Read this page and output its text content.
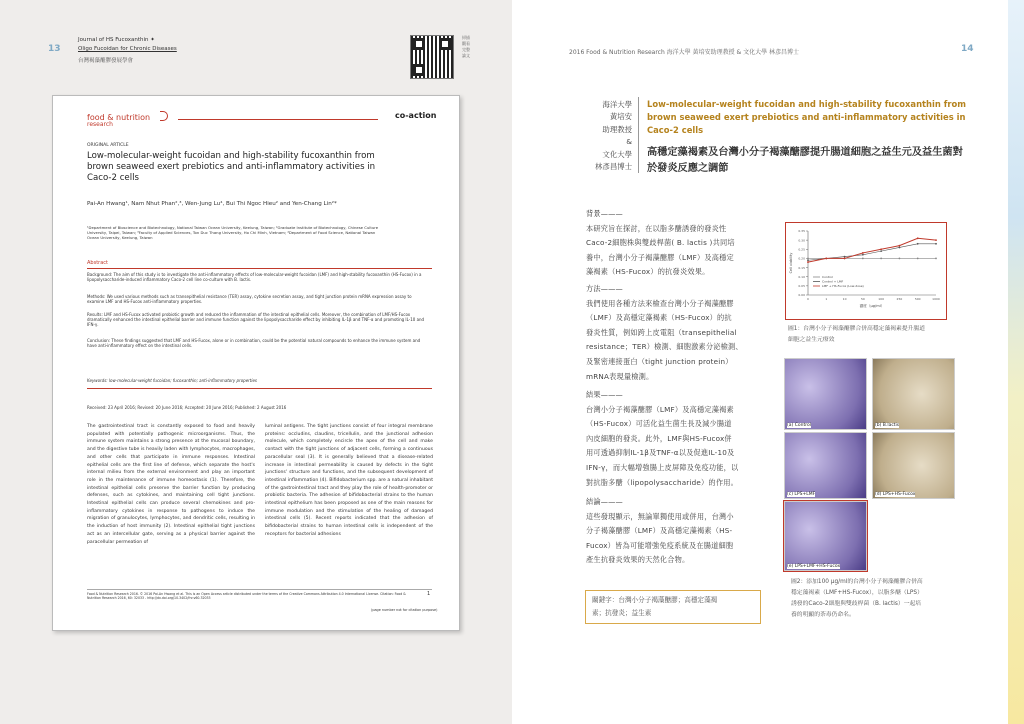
Journal of HS Fucoxanthin ✦
Oligo Fucoidan for Chronic Diseases
台灣褐藻醣膠發展學會
13
掃描觀看完整論文
food & nutrition
research
co-action
ORIGINAL ARTICLE
Low-molecular-weight fucoidan and high-stability fucoxanthin from brown seaweed exert prebiotics and anti-inflammatory activities in Caco-2 cells
Pai-An Hwang¹, Nam Nhut Phan²,³, Wen-Jung Lu⁴, Bui Thi Ngoc Hieu² and Yen-Chang Lin²*
¹Department of Bioscience and Biotechnology, National Taiwan Ocean University, Keelung, Taiwan; ²Graduate Institute of Biotechnology, Chinese Culture University, Taipei, Taiwan; ³Faculty of Applied Sciences, Ton Duc Thang University, Ho Chi Minh, Vietnam; ⁴Department of Food Science, National Taiwan Ocean University, Keelung, Taiwan
Abstract
Background: The aim of this study is to investigate the anti-inflammatory effects of low-molecular-weight fucoidan (LMF) and high-stability fucoxanthin (HS-Fucox) in a lipopolysaccharide-induced inflammatory Caco-2 cell line co-culture with B. lactis.
Methods: We used various methods such as transepithelial resistance (TER) assay, cytokine secretion assay, and tight junction protein mRNA expression assay to examine LMF and HS-Fucox anti-inflammatory properties.
Results: LMF and HS-Fucox activated probiotic growth and reduced the inflammation of the intestinal epithelial cells. Moreover, the combination of LMF/HS-Fucox dramatically enhanced the intestinal epithelial barrier and immune function against the lipopolysaccharide effect by inhibiting IL-1β and TNF-α and promoting IL-10 and IFN-γ.
Conclusion: These findings suggested that LMF and HS-Fucox, alone or in combination, could be the potential natural compounds to enhance the immune system and have anti-inflammatory effect on the intestinal cells.
Keywords: low-molecular-weight fucoidan; fucoxanthin; anti-inflammatory properties
Received: 23 April 2016; Revised: 20 June 2016; Accepted: 20 June 2016; Published: 2 August 2016
The gastrointestinal tract is constantly exposed to food and heavily populated with potentially pathogenic microorganisms. Thus, the immune system maintains a strong presence at the mucosal boundary, and the digestive tube is heavily laden with lymphocytes, macrophages, and other cells that participate in immune responses. Intestinal epithelial cells are the first line of defense, which separate the host's internal milieu from the external environment and play an important role in the maintenance of immune homeostasis (1). Therefore, the intestinal epithelial cells preserve the barrier function by producing defenses, such as cytokines, and maintaining cell tight junctions. Intestinal epithelial cells can produce several chemokines and pro-inflammatory cytokines in response to pathogens to induce the migration of granulocytes, lymphocytes, and dendritic cells, resulting in the induction of host immunity (2). Intestinal epithelial tight junctions act as an intercellular gate, serving as a physical barrier against the paracellular permeation of
luminal antigens. The tight junctions consist of four integral membrane proteins: occludins, claudins, tricellulin, and the junctional adhesion molecule, which completely encircle the apex of the cell and make contact with the tight junctions of adjacent cells, forming a continuous paracellular seal (3). It is generally believed that a disease-related increase in intestinal permeability is caused by defects in the tight junctions' structure and functions, and the subsequent development of intestinal inflammation (4). Bifidobacterium spp. are a natural inhabitant of the gastrointestinal tract and they play the role of health-promoter or probiotic bacteria. The adhesion of bifidobacterial strains to the human intestinal epithelium has been proposed as one of the main reasons for immune modulation and the stimulation of the healing of damaged intestinal cells (5). Recent reports indicated that the adhesion of bifidobacterial strains to human intestinal cells is independent of the receptors for bacterial adhesions
Food & Nutrition Research 2016. © 2016 Pai-An Hwang et al. This is an Open Access article distributed under the terms of the Creative Commons Attribution 4.0 International License. Citation: Food & Nutrition Research 2016, 60: 32033 - http://dx.doi.org/10.3402/fnr.v60.32033
1
(page number not for citation purpose)
2016 Food & Nutrition Research 海洋大學 黃培安助理教授 & 文化大學 林彥昌博士	14
海洋大學
黃培安
助理教授
&
文化大學
林彥昌博士
Low-molecular-weight fucoidan and high-stability fucoxanthin from brown seaweed exert prebiotics and anti-inflammatory activities in Caco-2 cells
高穩定藻褐素及台灣小分子褐藻醣膠提升腸道細胞之益生元及益生菌對於發炎反應之調節
背景———
本研究旨在探討，在以脂多醣誘發的發炎性
Caco-2細胞株與雙歧桿菌( B. lactis )共同培
養中，台灣小分子褐藻醣膠（LMF）及高穩定
藻褐素（HS-Fucox）的抗發炎效果。
方法———
我們使用各種方法來檢查台灣小分子褐藻醣膠
（LMF）及高穩定藻褐素（HS-Fucox）的抗
發炎性質，例如跨上皮電阻（transepithelial
resistance；TER）檢測、細胞激素分泌檢測、
及緊密連接蛋白（tight junction protein）
mRNA表現量檢測。
結果———
台灣小分子褐藻醣膠（LMF）及高穩定藻褐素
（HS-Fucox）可活化益生菌生長及減少腸道
內皮細胞的發炎。此外，LMF與HS-Fucox併
用可透過抑制IL-1β及TNF-α以及促進IL-10及
IFN-γ，而大幅增強腸上皮屏障及免疫功能，以
對抗脂多醣（lipopolysaccharide）的作用。
結論———
這些發現顯示，無論單獨使用或併用，台灣小
分子褐藻醣膠（LMF）及高穩定藻褐素（HS-
Fucox）皆為可能增強免疫系統及在腸道細胞
產生抗發炎效果的天然化合物。
關鍵字：台灣小分子褐藻醣膠；高穩定藻褐
素；抗發炎；益生素
0.00
0.05
0.10
0.15
0.20
0.25
0.30
0.35
0	1	10	50	100	250	500	1000
濃度（μg/ml）
Cell viability
Control
Control + LMF
LMF + HS-Fucox (Low-dose)
圖1：台灣小分子褐藻醣膠合併高穩定藻褐素提升腸道
細胞之益生元療效
(a) Control	(b) B.lactis
(c) LPS+LMF	(d) LPS+HS-Fucox
(e) LPS+LMF+HS-Fucox
圖2：添加100 μg/ml的台灣小分子褐藻醣膠合併高
穩定藻褐素（LMF+HS-Fucox），以脂多醣（LPS）
誘發的Caco-2細胞與雙歧桿菌（B. lactis）一起培
養的明顯的荼毒仍命名。
